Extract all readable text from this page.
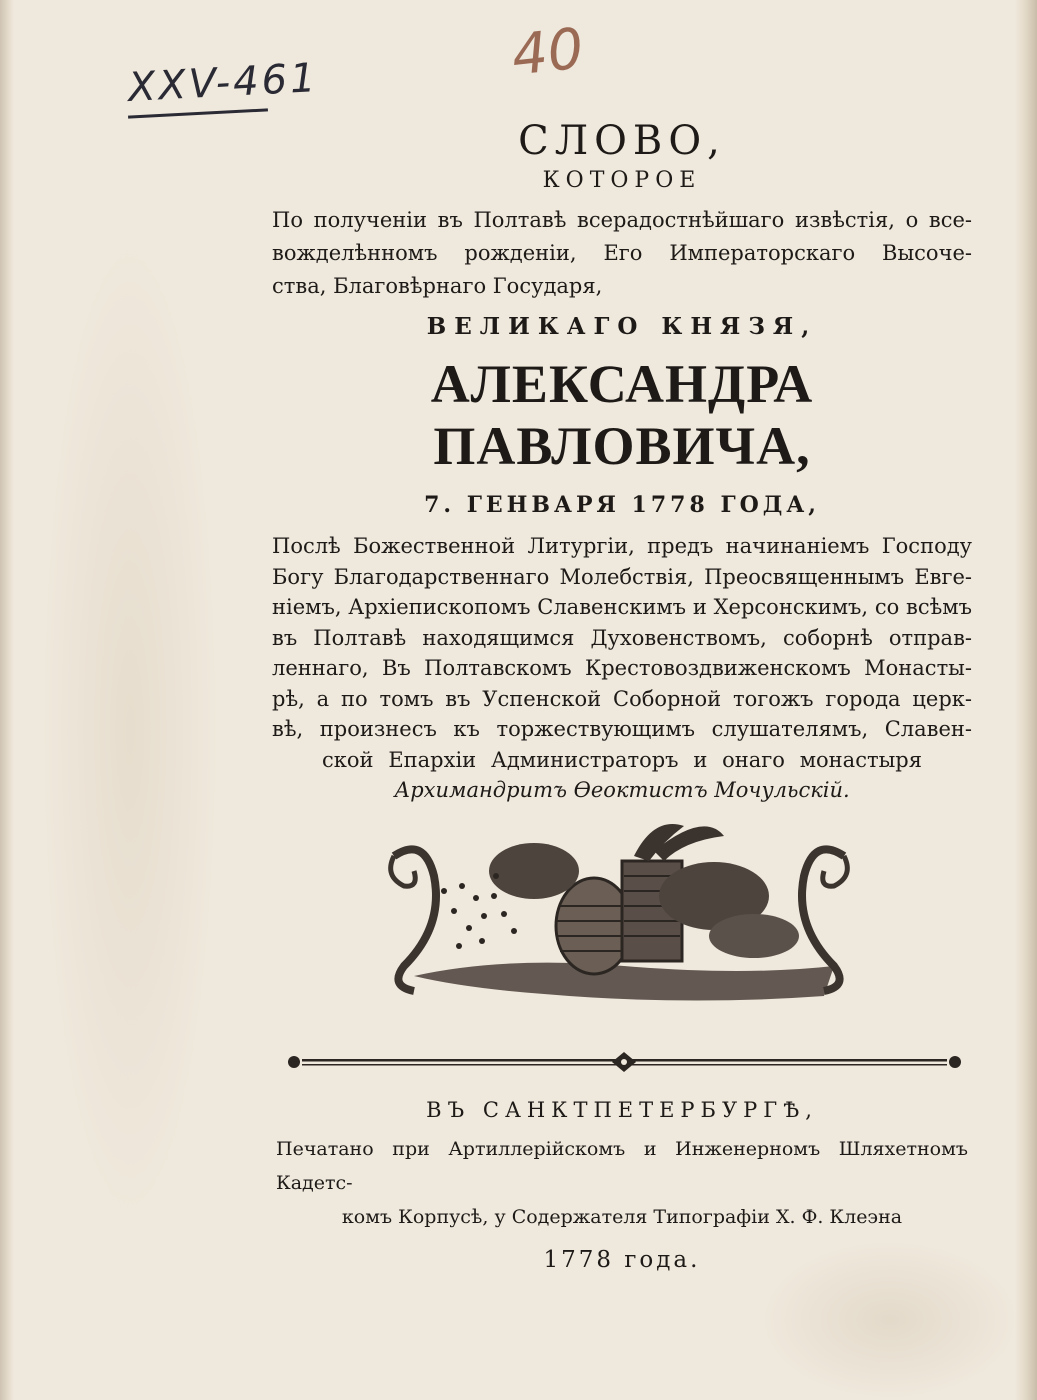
XXV-461	40

СЛОВО,

КОТОРОЕ

По полученіи въ Полтавѣ всерадостнѣйшаго извѣстія, о все-
вожделѣнномъ рожденіи, Его Императорскаго Высоче-
ства, Благовѣрнаго Государя,

ВЕЛИКАГО КНЯЗЯ,

АЛЕКСАНДРА ПАВЛОВИЧА,

7. ГЕНВАРЯ 1778 ГОДА,

Послѣ Божественной Литургіи, предъ начинаніемъ Господу
Богу Благодарственнаго Молебствія, Преосвященнымъ Евге-
ніемъ, Архіепископомъ Славенскимъ и Херсонскимъ, со всѣмъ
въ Полтавѣ находящимся Духовенствомъ, соборнѣ отправ-
леннаго, Въ Полтавскомъ Крестовоздвиженскомъ Монасты-
рѣ, а по томъ въ Успенской Соборной тогожъ города церк-
вѣ, произнесъ къ торжествующимъ слушателямъ, Славен-
ской Епархіи Администраторъ и онаго монастыря
Архимандритъ Ѳеоктистъ Мочульскій.

ВЪ САНКТПЕТЕРБУРГѢ,

Печатано при Артиллерійскомъ и Инженерномъ Шляхетномъ Кадетс-

комъ Корпусѣ, у Содержателя Типографіи Х. Ф. Клеэна

1778 года.
